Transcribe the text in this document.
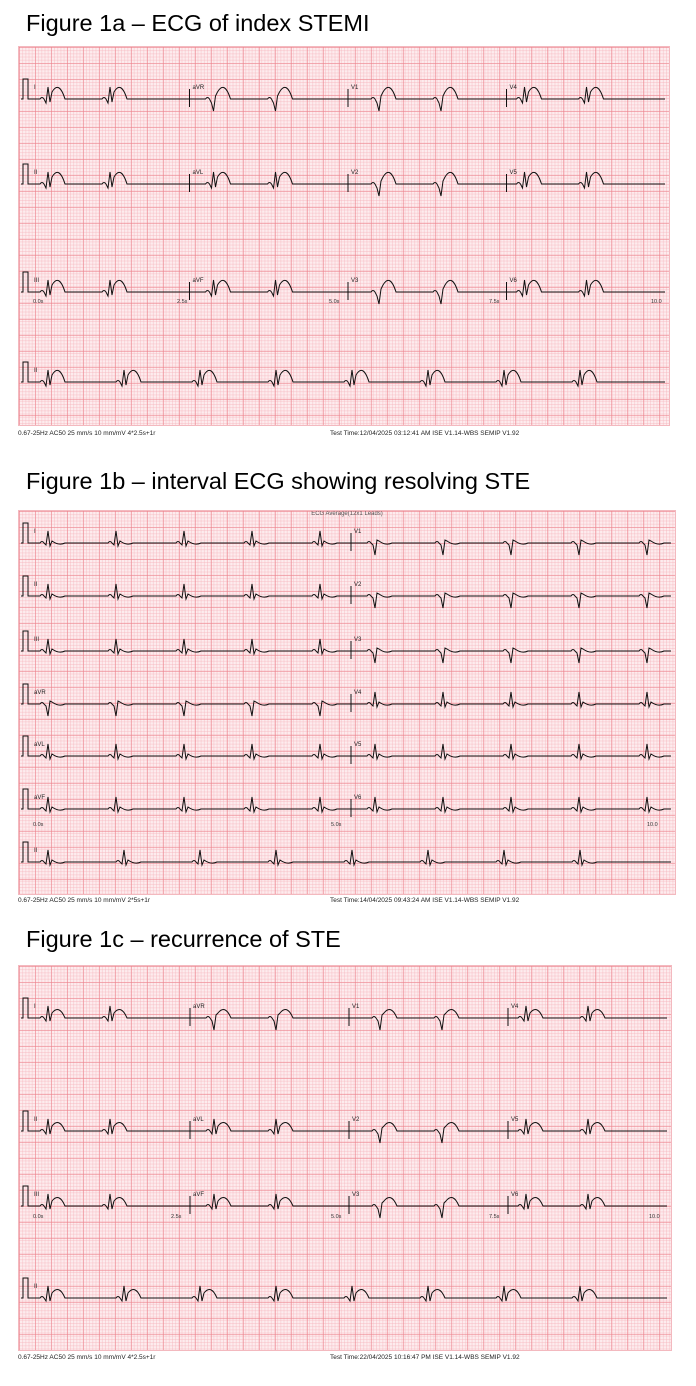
Figure 1a – ECG of index STEMI
I	aVR	V1	V4
II	aVL	V2	V5
III	aVF	V3	V6
II
0.0s	2.5s	5.0s	7.5s	10.0
0.67-25Hz AC50 25 mm/s 10 mm/mV 4*2.5s+1r	Test Time:12/04/2025 03:12:41 AM ISE V1.14-WBS SEMIP V1.92
Figure 1b – interval ECG showing resolving STE
I	V1
II	V2
III	V3
aVR	V4
aVL	V5
aVF	V6
II
0.0s	5.0s	10.0
ECG Average(12x1 Leads)
0.67-25Hz AC50 25 mm/s 10 mm/mV 2*5s+1r	Test Time:14/04/2025 09:43:24 AM ISE V1.14-WBS SEMIP V1.92
Figure 1c – recurrence of STE
I	aVR	V1	V4
II	aVL	V2	V5
III	aVF	V3	V6
II
0.0s	2.5s	5.0s	7.5s	10.0
0.67-25Hz AC50 25 mm/s 10 mm/mV 4*2.5s+1r	Test Time:22/04/2025 10:16:47 PM ISE V1.14-WBS SEMIP V1.92
